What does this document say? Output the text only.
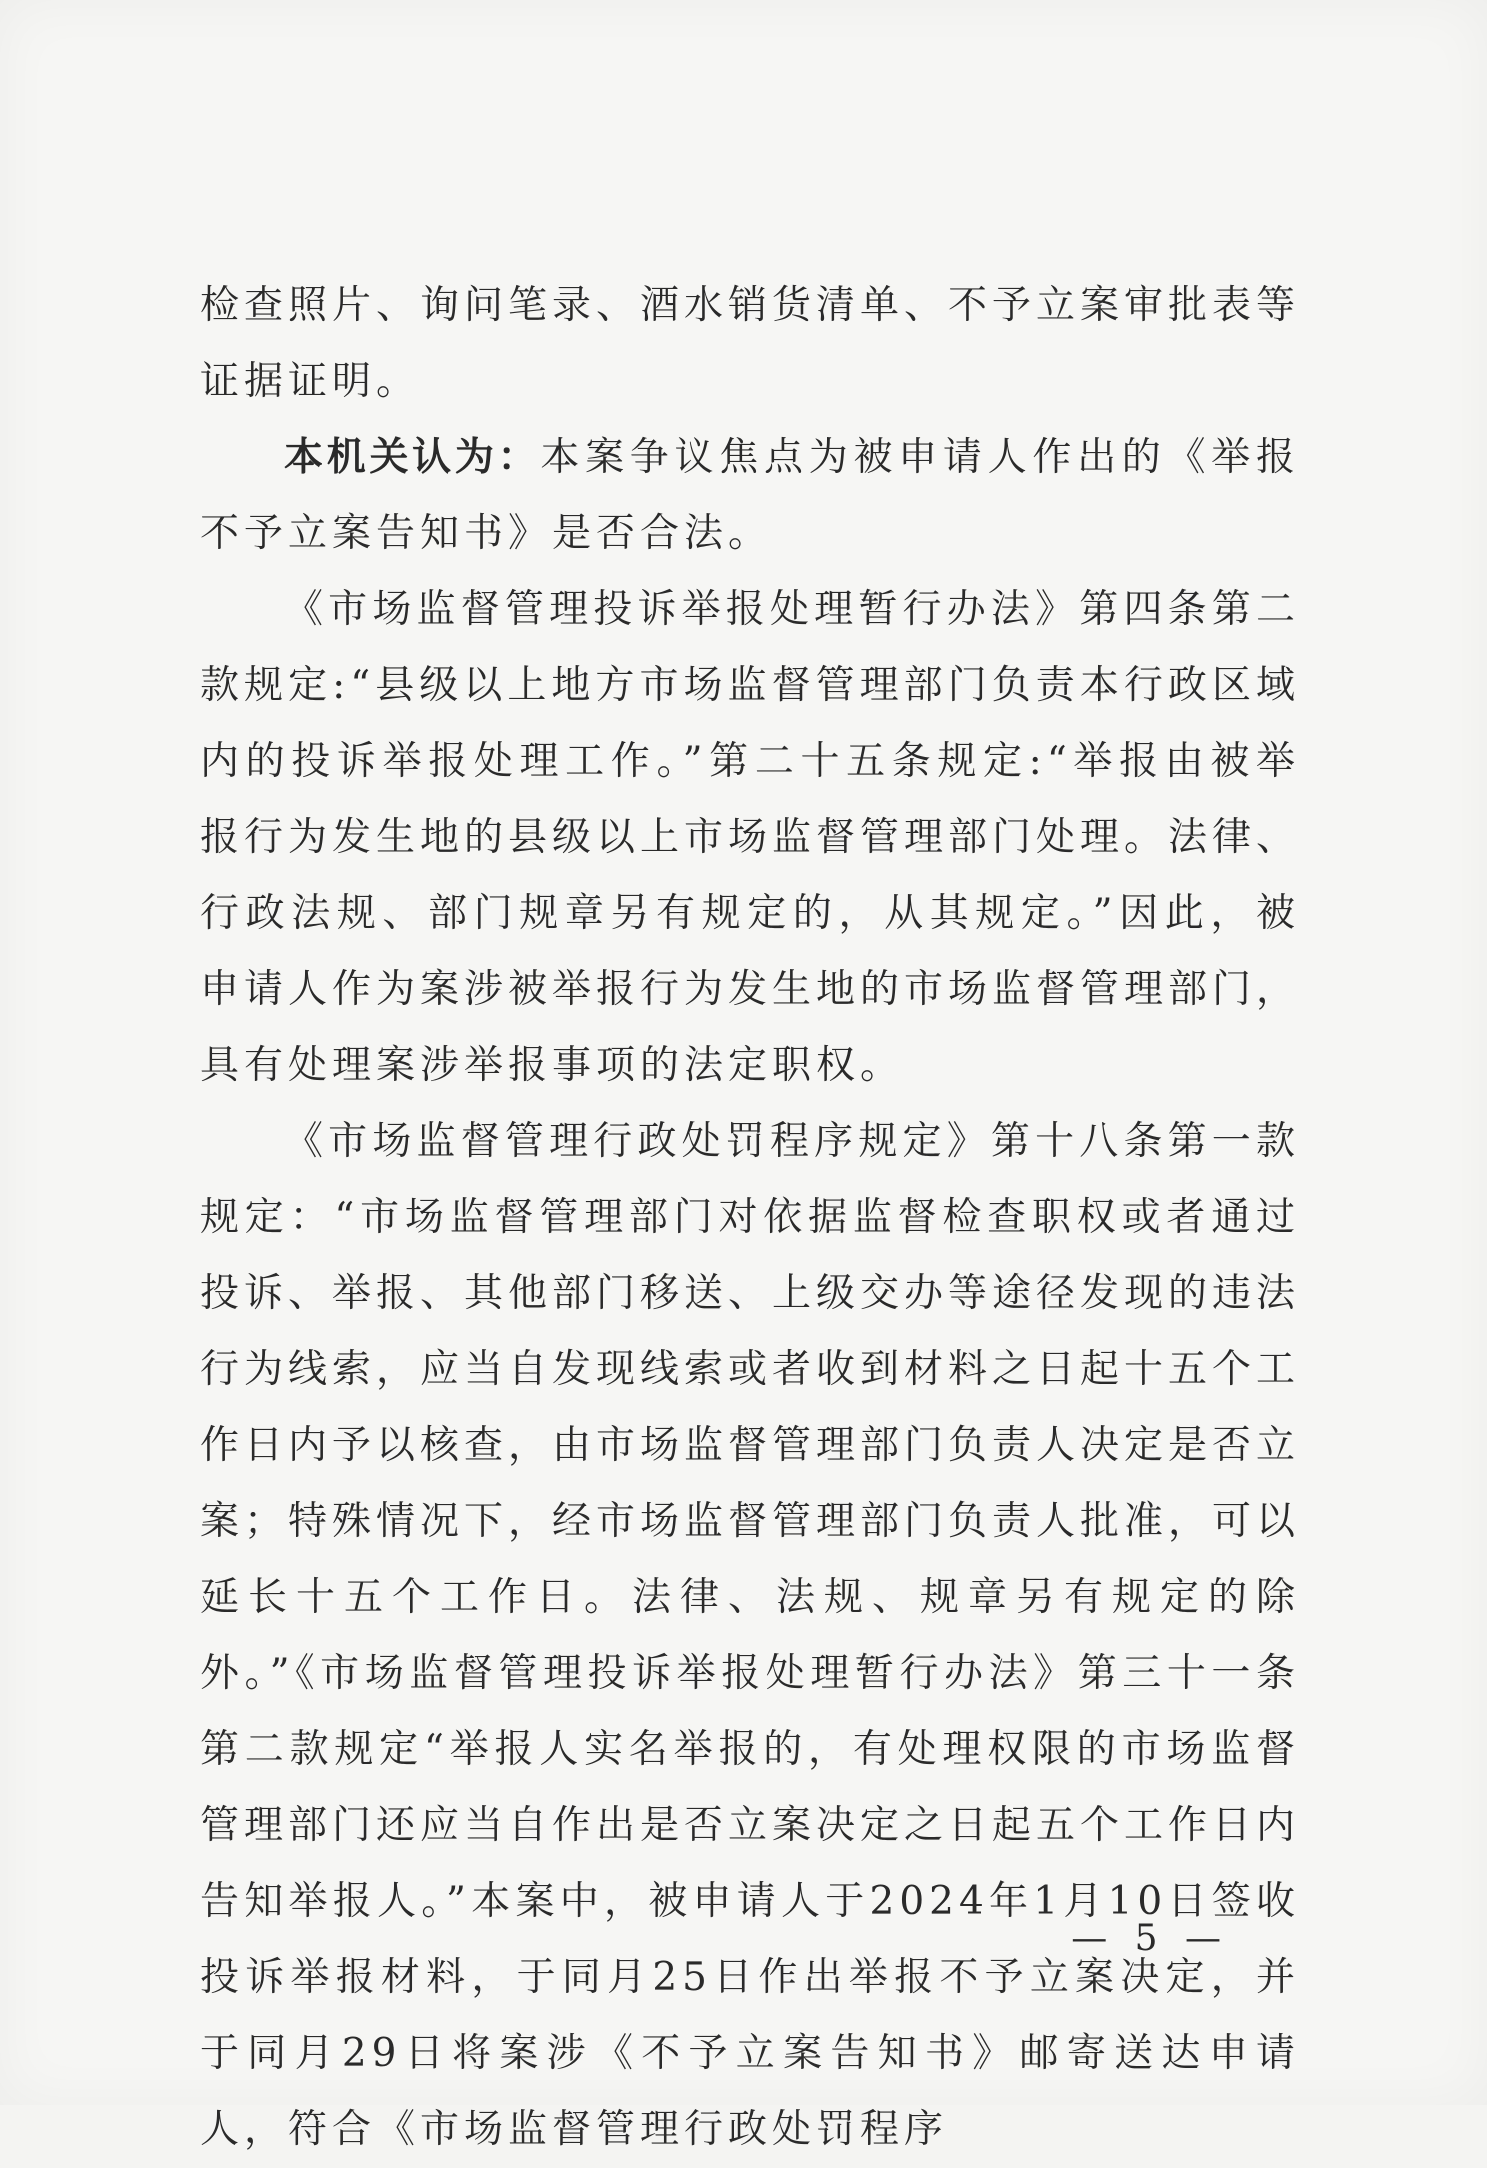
检查照片、询问笔录、酒水销货清单、不予立案审批表等证据证明。

本机关认为：本案争议焦点为被申请人作出的《举报不予立案告知书》是否合法。

《市场监督管理投诉举报处理暂行办法》第四条第二款规定:“县级以上地方市场监督管理部门负责本行政区域内的投诉举报处理工作。”第二十五条规定:“举报由被举报行为发生地的县级以上市场监督管理部门处理。法律、行政法规、部门规章另有规定的，从其规定。”因此，被申请人作为案涉被举报行为发生地的市场监督管理部门，具有处理案涉举报事项的法定职权。

《市场监督管理行政处罚程序规定》第十八条第一款规定：“市场监督管理部门对依据监督检查职权或者通过投诉、举报、其他部门移送、上级交办等途径发现的违法行为线索，应当自发现线索或者收到材料之日起十五个工作日内予以核查，由市场监督管理部门负责人决定是否立案；特殊情况下，经市场监督管理部门负责人批准，可以延长十五个工作日。法律、法规、规章另有规定的除外。”《市场监督管理投诉举报处理暂行办法》第三十一条第二款规定“举报人实名举报的，有处理权限的市场监督管理部门还应当自作出是否立案决定之日起五个工作日内告知举报人。”本案中，被申请人于2024年1月10日签收投诉举报材料，于同月25日作出举报不予立案决定，并于同月29日将案涉《不予立案告知书》邮寄送达申请人，符合《市场监督管理行政处罚程序

— 5 —
